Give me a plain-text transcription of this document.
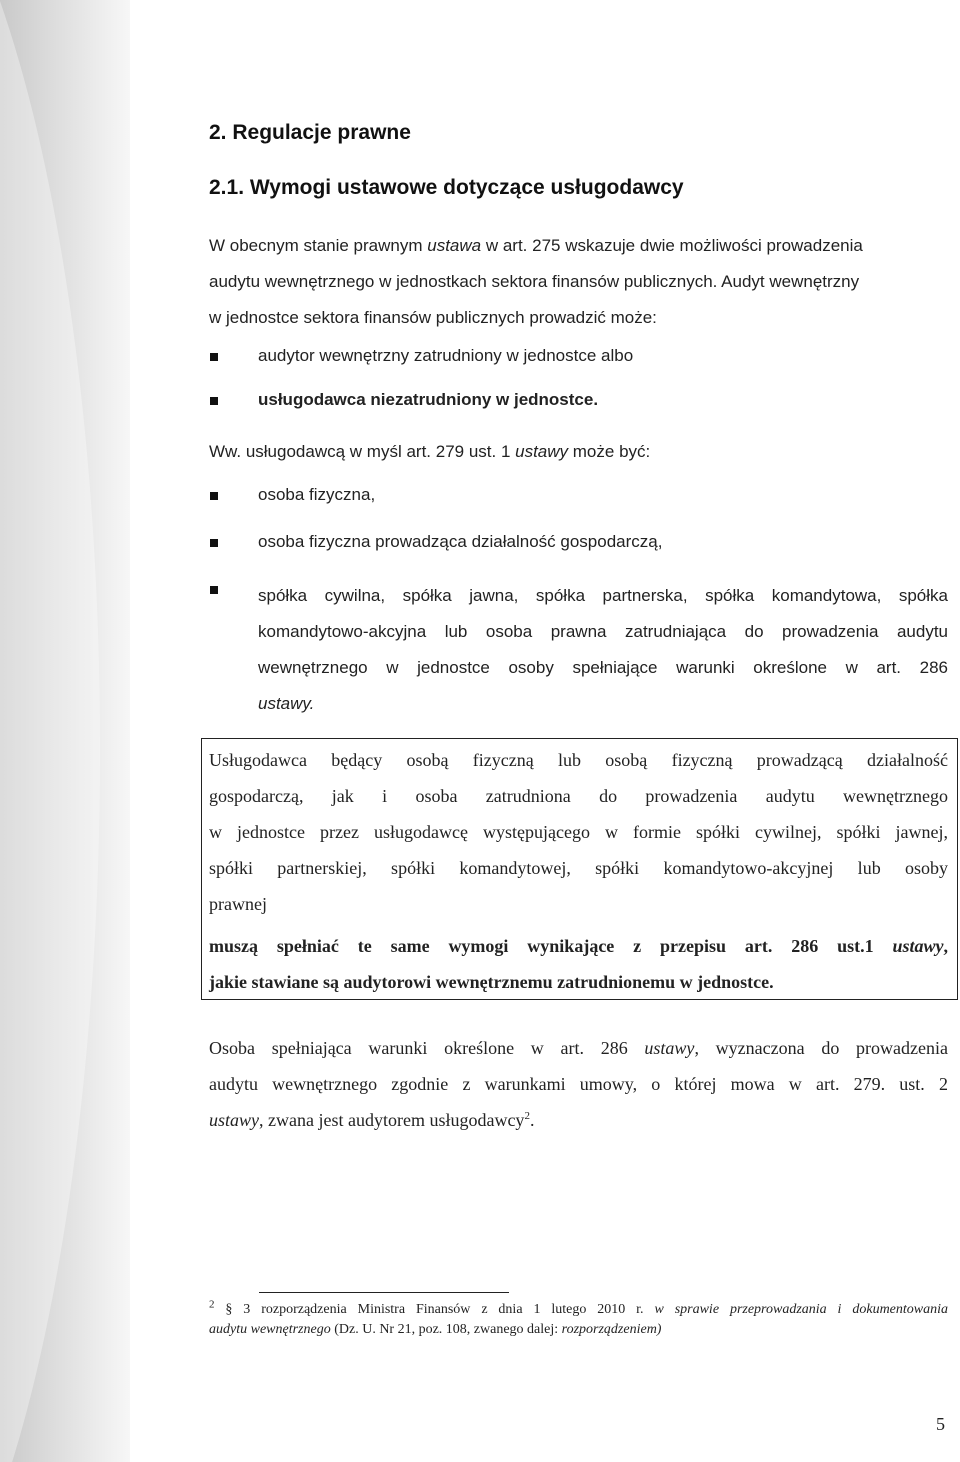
2. Regulacje prawne
2.1. Wymogi ustawowe dotyczące usługodawcy
W obecnym stanie prawnym ustawa w art. 275 wskazuje dwie możliwości prowadzenia
audytu wewnętrznego w jednostkach sektora finansów publicznych. Audyt wewnętrzny
w jednostce sektora finansów publicznych prowadzić może:
audytor wewnętrzny zatrudniony w jednostce albo
usługodawca niezatrudniony w jednostce.
Ww. usługodawcą w myśl art. 279 ust. 1 ustawy może być:
osoba fizyczna,
osoba fizyczna prowadząca działalność gospodarczą,
spółka cywilna, spółka jawna, spółka partnerska, spółka komandytowa, spółka
komandytowo-akcyjna lub osoba prawna zatrudniająca do prowadzenia audytu
wewnętrznego w jednostce osoby spełniające warunki określone w art. 286
ustawy.
Usługodawca będący osobą fizyczną lub osobą fizyczną prowadzącą działalność
gospodarczą, jak i osoba zatrudniona do prowadzenia audytu wewnętrznego
w jednostce przez usługodawcę występującego w formie spółki cywilnej, spółki jawnej,
spółki partnerskiej, spółki komandytowej, spółki komandytowo-akcyjnej lub osoby
prawnej
muszą spełniać te same wymogi wynikające z przepisu art. 286 ust.1 ustawy,
jakie stawiane są audytorowi wewnętrznemu zatrudnionemu w jednostce.
Osoba spełniająca warunki określone w art. 286 ustawy, wyznaczona do prowadzenia
audytu wewnętrznego zgodnie z warunkami umowy, o której mowa w art. 279. ust. 2
ustawy, zwana jest audytorem usługodawcy$^2$.
$^2$ § 3 rozporządzenia Ministra Finansów z dnia 1 lutego 2010 r. w sprawie przeprowadzania i dokumentowania
audytu wewnętrznego (Dz. U. Nr 21, poz. 108, zwanego dalej: rozporządzeniem)
5
